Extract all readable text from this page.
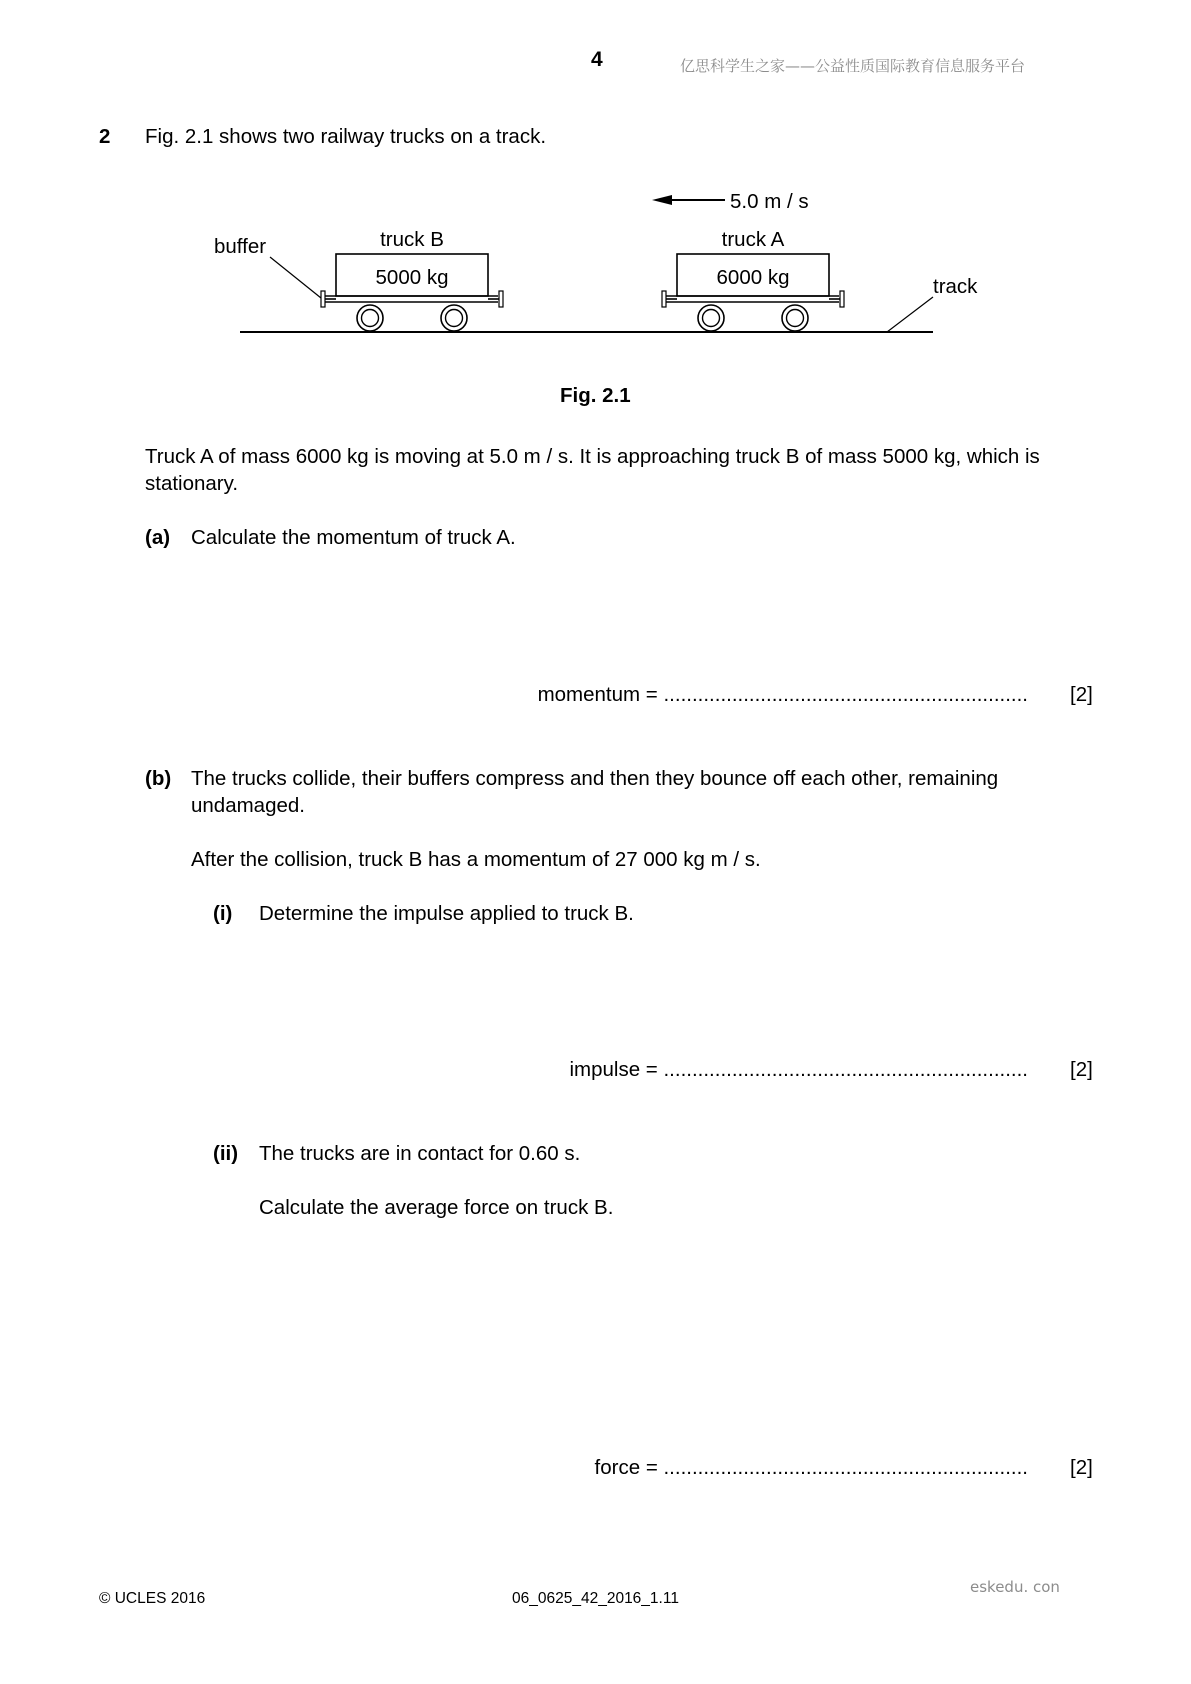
4	亿思科学生之家——公益性质国际教育信息服务平台
2 Fig. 2.1 shows two railway trucks on a track.
5.0 m / s
buffer	truck B
5000 kg
truck A
6000 kg	track
Fig. 2.1
Truck A of mass 6000 kg is moving at 5.0 m / s. It is approaching truck B of mass 5000 kg, which is
stationary.
(a) Calculate the momentum of truck A.
momentum = ................................................................ [2]
(b) The trucks collide, their buffers compress and then they bounce off each other, remaining
undamaged.
After the collision, truck B has a momentum of 27 000 kg m / s.
(i) Determine the impulse applied to truck B.
impulse = ................................................................ [2]
(ii) The trucks are in contact for 0.60 s.
Calculate the average force on truck B.
force = ................................................................ [2]
© UCLES 2016	06_0625_42_2016_1.11
eskedu. con
